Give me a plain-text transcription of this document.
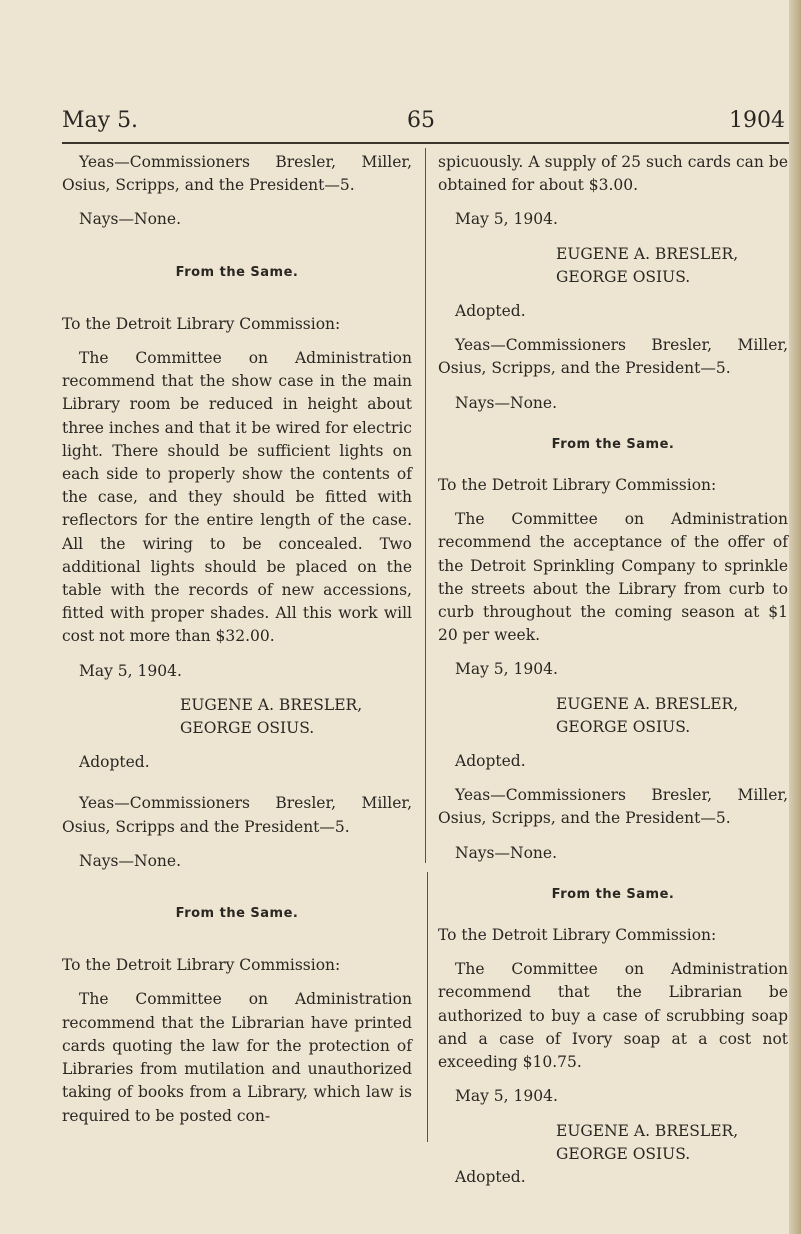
May 5.	65	1904

Yeas—Commissioners Bresler, Miller, Osius, Scripps, and the President—5.

Nays—None.

From the Same.

To the Detroit Library Commission:

The Committee on Administration recommend that the show case in the main Library room be reduced in height about three inches and that it be wired for electric light. There should be sufficient lights on each side to properly show the contents of the case, and they should be fitted with reflectors for the entire length of the case. All the wiring to be concealed. Two additional lights should be placed on the table with the records of new accessions, fitted with proper shades. All this work will cost not more than $32.00.

May 5, 1904.

EUGENE A. BRESLER,

GEORGE OSIUS.

Adopted.

Yeas—Commissioners Bresler, Miller, Osius, Scripps and the President—5.

Nays—None.

From the Same.

To the Detroit Library Commission:

The Committee on Administration recommend that the Librarian have printed cards quoting the law for the protection of Libraries from mutilation and unauthorized taking of books from a Library, which law is required to be posted con-

spicuously. A supply of 25 such cards can be obtained for about $3.00.

May 5, 1904.

EUGENE A. BRESLER,

GEORGE OSIUS.

Adopted.

Yeas—Commissioners Bresler, Miller, Osius, Scripps, and the President—5.

Nays—None.

From the Same.

To the Detroit Library Commission:

The Committee on Administration recommend the acceptance of the offer of the Detroit Sprinkling Company to sprinkle the streets about the Library from curb to curb throughout the coming season at $1 20 per week.

May 5, 1904.

EUGENE A. BRESLER,

GEORGE OSIUS.

Adopted.

Yeas—Commissioners Bresler, Miller, Osius, Scripps, and the President—5.

Nays—None.

From the Same.

To the Detroit Library Commission:

The Committee on Administration recommend that the Librarian be authorized to buy a case of scrubbing soap and a case of Ivory soap at a cost not exceeding $10.75.

May 5, 1904.

EUGENE A. BRESLER,

GEORGE OSIUS.

Adopted.
